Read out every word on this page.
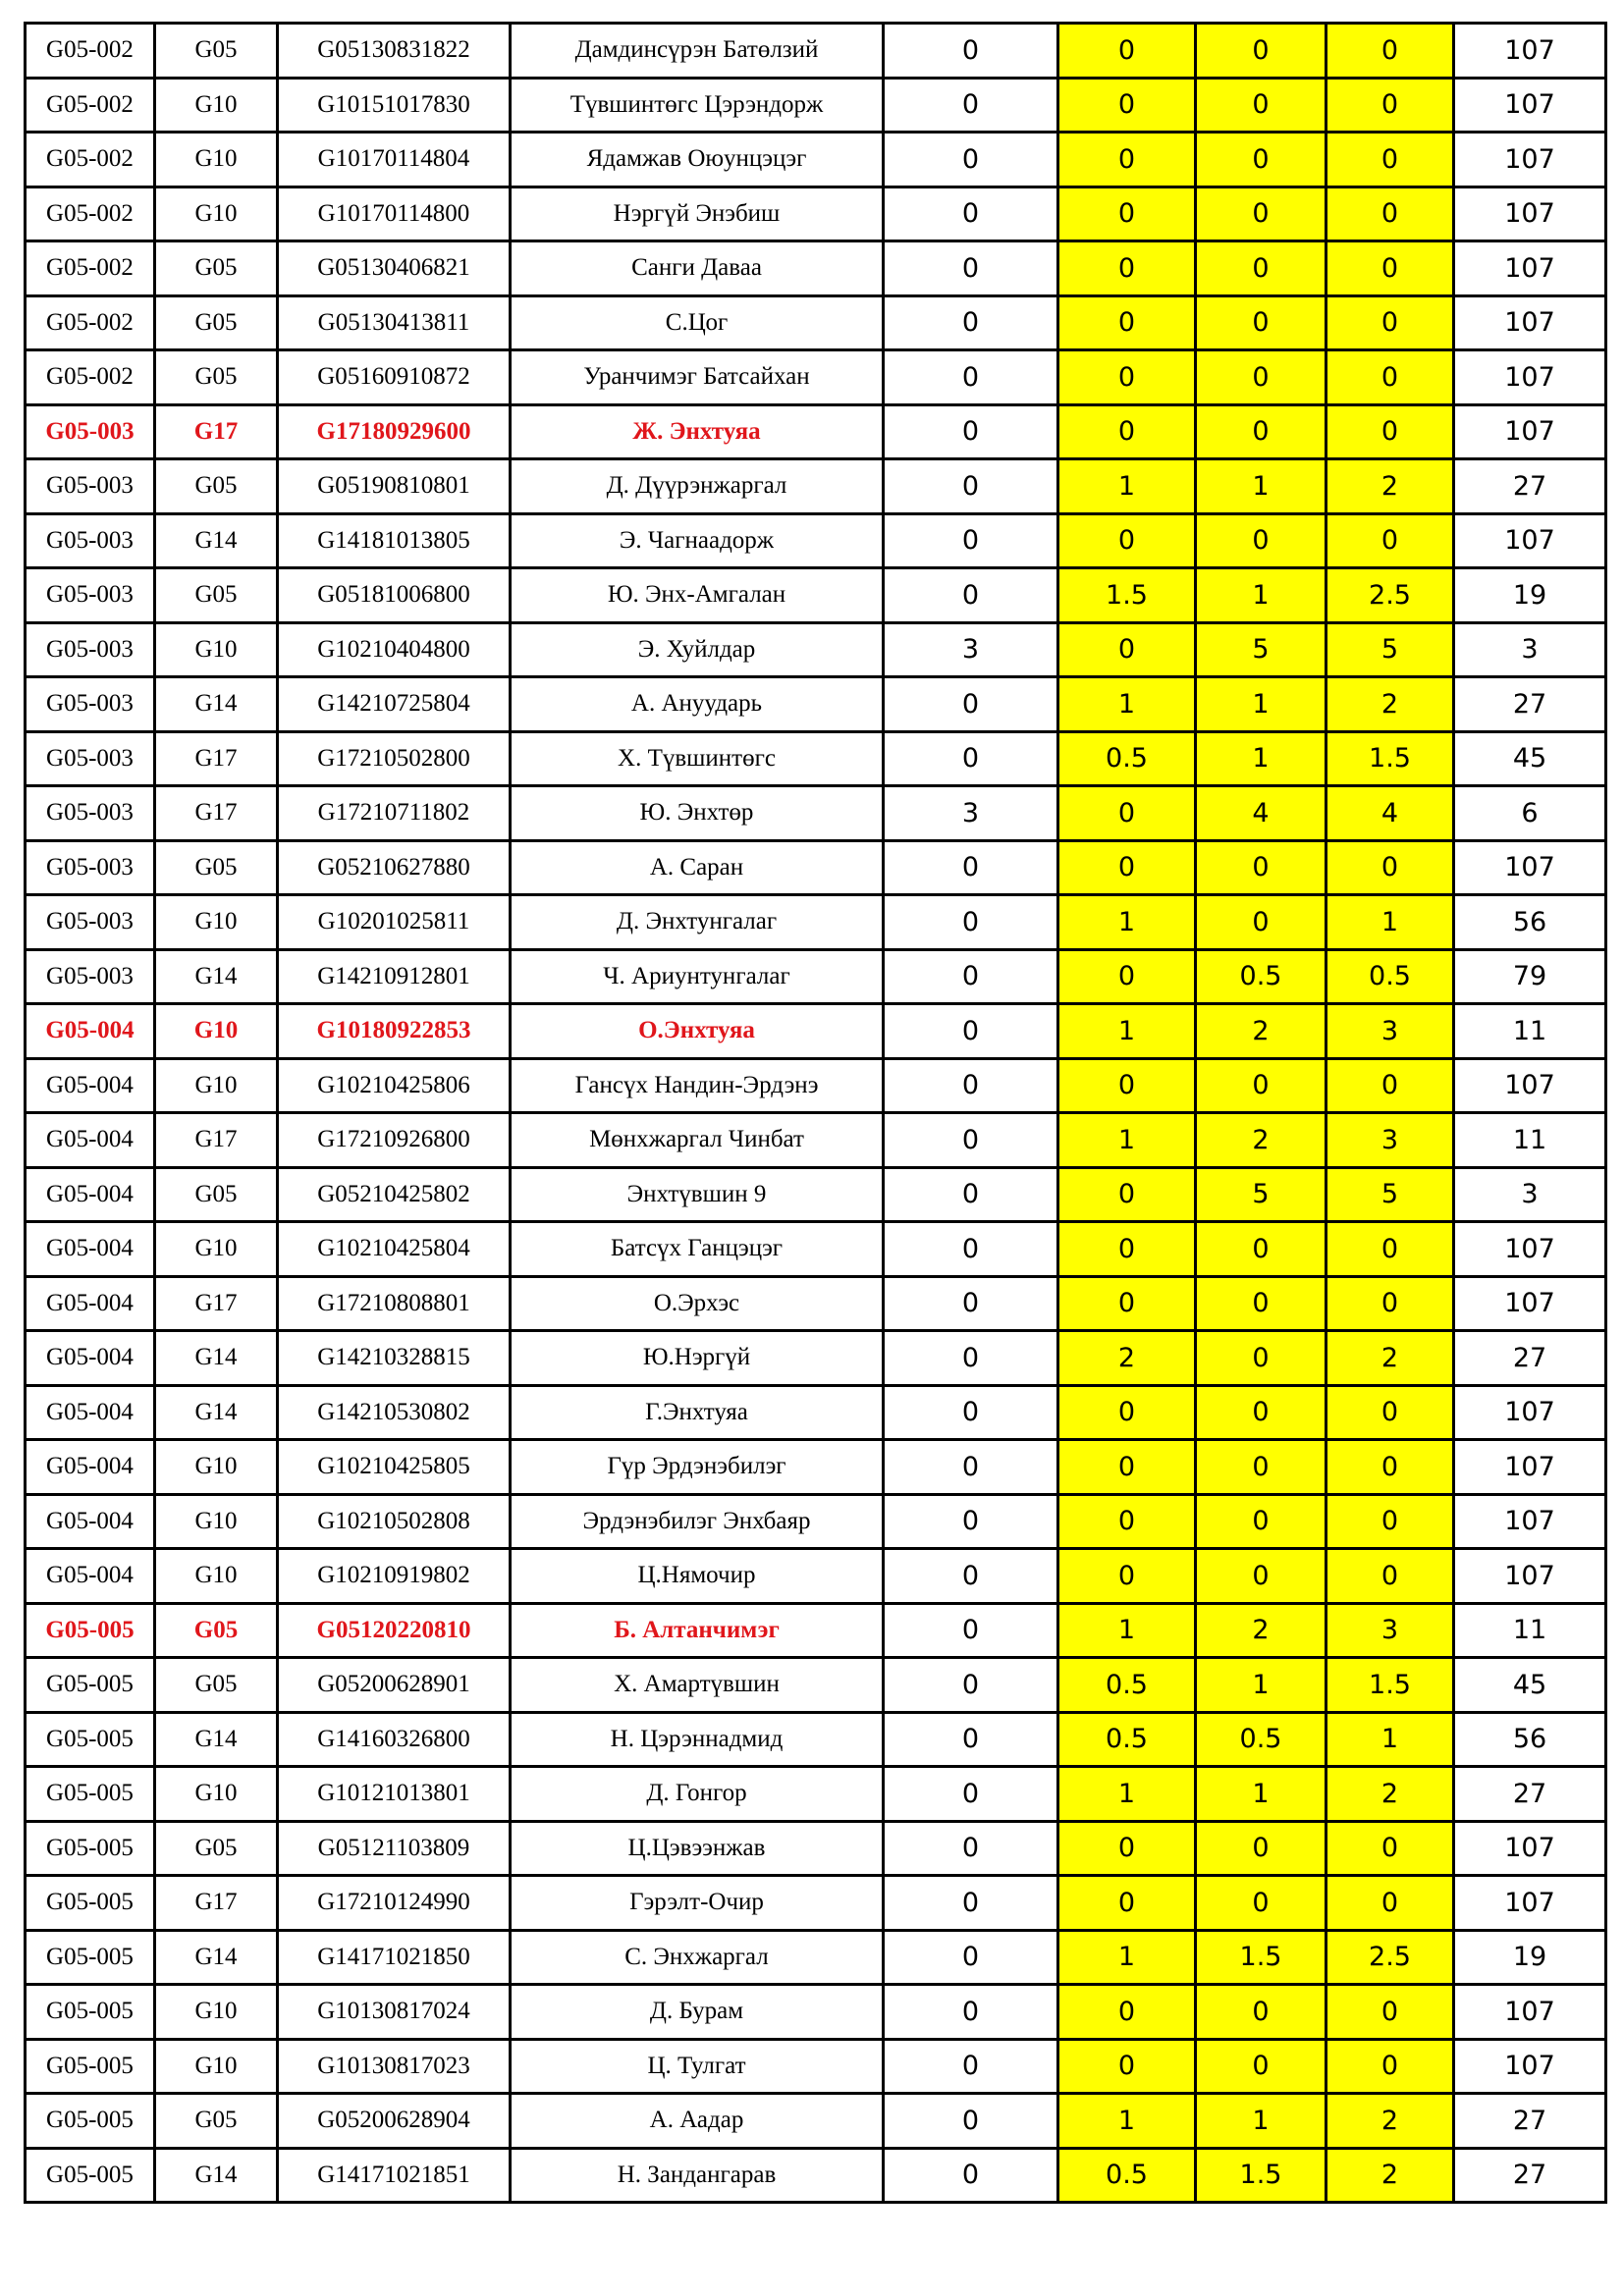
G05-002	G05	G05130831822	Дамдинсүрэн Батөлзий	0	0	0	0	107
G05-002	G10	G10151017830	Түвшинтөгс Цэрэндорж	0	0	0	0	107
G05-002	G10	G10170114804	Ядамжав Оюунцэцэг	0	0	0	0	107
G05-002	G10	G10170114800	Нэргүй Энэбиш	0	0	0	0	107
G05-002	G05	G05130406821	Санги Даваа	0	0	0	0	107
G05-002	G05	G05130413811	С.Цог	0	0	0	0	107
G05-002	G05	G05160910872	Уранчимэг Батсайхан	0	0	0	0	107
G05-003	G17	G17180929600	Ж. Энхтуяа	0	0	0	0	107
G05-003	G05	G05190810801	Д. Дүүрэнжаргал	0	1	1	2	27
G05-003	G14	G14181013805	Э. Чагнаадорж	0	0	0	0	107
G05-003	G05	G05181006800	Ю. Энх-Амгалан	0	1.5	1	2.5	19
G05-003	G10	G10210404800	Э. Хуйлдар	3	0	5	5	3
G05-003	G14	G14210725804	А. Ануударь	0	1	1	2	27
G05-003	G17	G17210502800	Х. Түвшинтөгс	0	0.5	1	1.5	45
G05-003	G17	G17210711802	Ю. Энхтөр	3	0	4	4	6
G05-003	G05	G05210627880	А. Саран	0	0	0	0	107
G05-003	G10	G10201025811	Д. Энхтунгалаг	0	1	0	1	56
G05-003	G14	G14210912801	Ч. Ариунтунгалаг	0	0	0.5	0.5	79
G05-004	G10	G10180922853	О.Энхтуяа	0	1	2	3	11
G05-004	G10	G10210425806	Гансүх Нандин-Эрдэнэ	0	0	0	0	107
G05-004	G17	G17210926800	Мөнхжаргал Чинбат	0	1	2	3	11
G05-004	G05	G05210425802	Энхтүвшин 9	0	0	5	5	3
G05-004	G10	G10210425804	Батсүх Ганцэцэг	0	0	0	0	107
G05-004	G17	G17210808801	О.Эрхэс	0	0	0	0	107
G05-004	G14	G14210328815	Ю.Нэргүй	0	2	0	2	27
G05-004	G14	G14210530802	Г.Энхтуяа	0	0	0	0	107
G05-004	G10	G10210425805	Гүр Эрдэнэбилэг	0	0	0	0	107
G05-004	G10	G10210502808	Эрдэнэбилэг Энхбаяр	0	0	0	0	107
G05-004	G10	G10210919802	Ц.Нямочир	0	0	0	0	107
G05-005	G05	G05120220810	Б. Алтанчимэг	0	1	2	3	11
G05-005	G05	G05200628901	Х. Амартүвшин	0	0.5	1	1.5	45
G05-005	G14	G14160326800	Н. Цэрэннадмид	0	0.5	0.5	1	56
G05-005	G10	G10121013801	Д. Гонгор	0	1	1	2	27
G05-005	G05	G05121103809	Ц.Цэвээнжав	0	0	0	0	107
G05-005	G17	G17210124990	Гэрэлт-Очир	0	0	0	0	107
G05-005	G14	G14171021850	С. Энхжаргал	0	1	1.5	2.5	19
G05-005	G10	G10130817024	Д. Бурам	0	0	0	0	107
G05-005	G10	G10130817023	Ц. Тулгат	0	0	0	0	107
G05-005	G05	G05200628904	А. Аадар	0	1	1	2	27
G05-005	G14	G14171021851	Н. Зандангарав	0	0.5	1.5	2	27
